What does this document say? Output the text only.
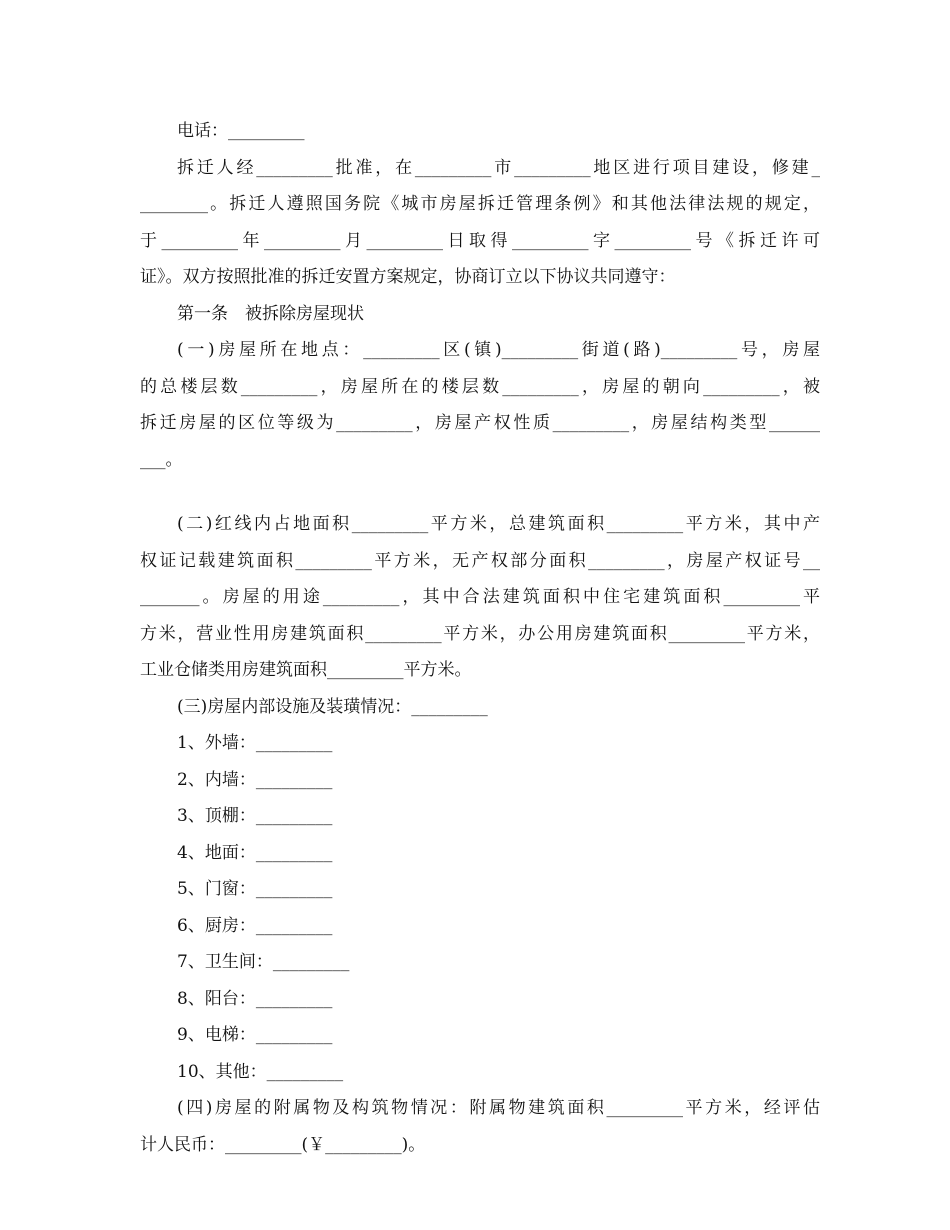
电话：_________
拆迁人经_________批准，在_________市_________地区进行项目建设，修建_
________。拆迁人遵照国务院《城市房屋拆迁管理条例》和其他法律法规的规定，
于_________年_________月_________日取得_________字_________号《拆迁许可
证》。双方按照批准的拆迁安置方案规定，协商订立以下协议共同遵守：
第一条　被拆除房屋现状
(一)房屋所在地点：_________区(镇)_________街道(路)_________号，房屋
的总楼层数_________，房屋所在的楼层数_________，房屋的朝向_________，被
拆迁房屋的区位等级为_________，房屋产权性质_________，房屋结构类型______
___。
(二)红线内占地面积_________平方米，总建筑面积_________平方米，其中产
权证记载建筑面积_________平方米，无产权部分面积_________，房屋产权证号__
_______。房屋的用途_________，其中合法建筑面积中住宅建筑面积_________平
方米，营业性用房建筑面积_________平方米，办公用房建筑面积_________平方米，
工业仓储类用房建筑面积_________平方米。
(三)房屋内部设施及装璜情况：_________
1、外墙：_________
2、内墙：_________
3、顶棚：_________
4、地面：_________
5、门窗：_________
6、厨房：_________
7、卫生间：_________
8、阳台：_________
9、电梯：_________
10、其他：_________
(四)房屋的附属物及构筑物情况：附属物建筑面积_________平方米，经评估
计人民币：_________(￥_________)。
